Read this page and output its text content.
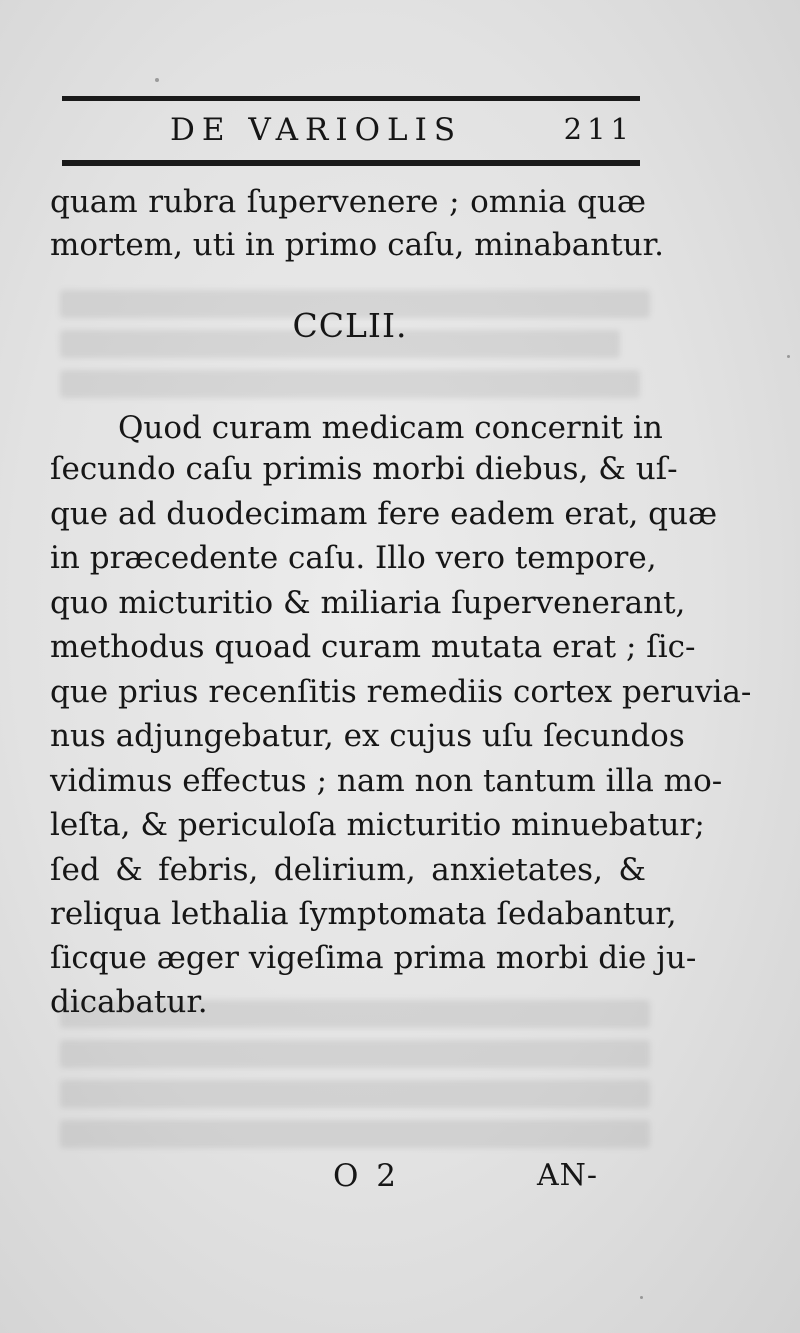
DE VARIOLIS	211
quam rubra ſupervenere ; omnia quæ
mortem, uti in primo caſu, minabantur.
CCLII.
Quod curam medicam concernit in
ſecundo caſu primis morbi diebus, & uſ-
que ad duodecimam fere eadem erat, quæ
in præcedente caſu. Illo vero tempore,
quo micturitio & miliaria ſupervenerant,
methodus quoad curam mutata erat ; ſic-
que prius recenſitis remediis cortex peruvia-
nus adjungebatur, ex cujus uſu ſecundos
vidimus effectus ; nam non tantum illa mo-
leſta, & periculoſa micturitio minuebatur;
ſed & febris, delirium, anxietates, &
reliqua lethalia ſymptomata ſedabantur,
ſicque æger vigeſima prima morbi die ju-
dicabatur.
O 2	AN-
